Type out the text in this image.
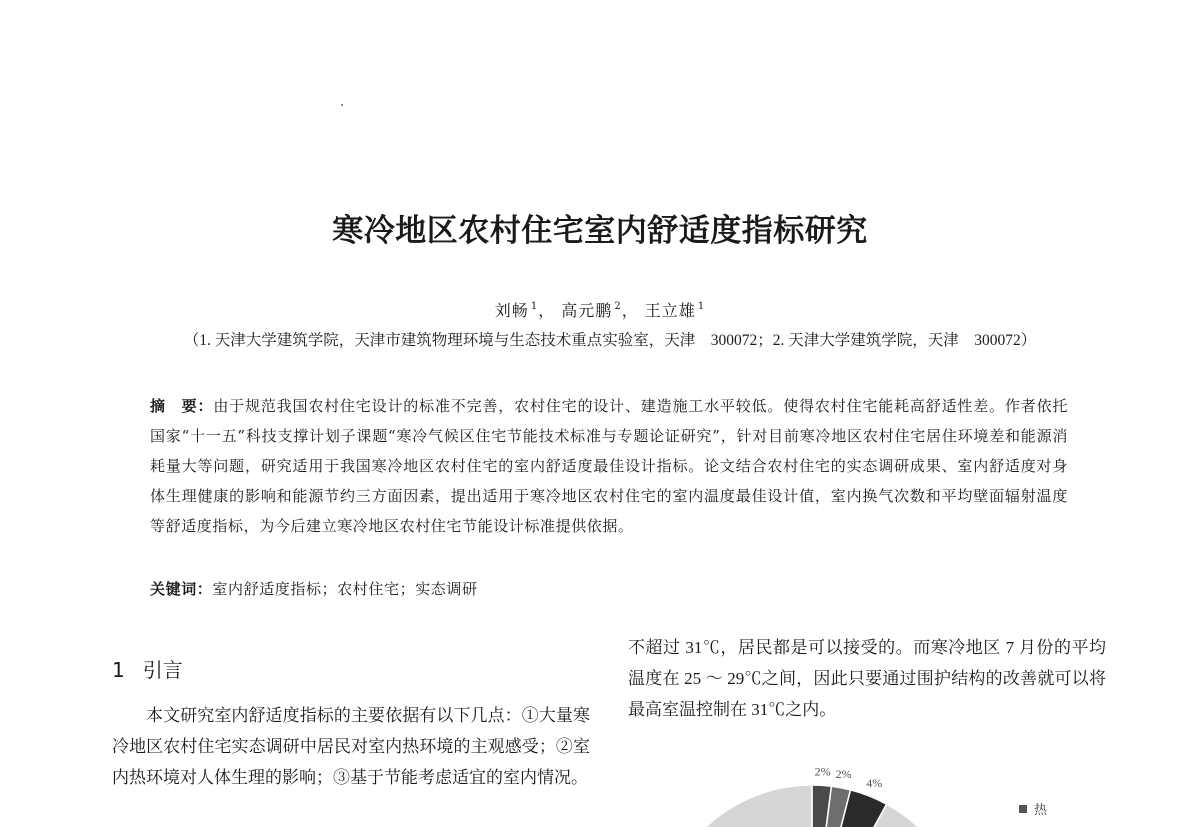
寒冷地区农村住宅室内舒适度指标研究
刘畅 $^1$， 高元鹏 $^2$， 王立雄 $^1$
（1. 天津大学建筑学院，天津市建筑物理环境与生态技术重点实验室，天津　300072；2. 天津大学建筑学院，天津　300072）
摘　要：由于规范我国农村住宅设计的标准不完善，农村住宅的设计、建造施工水平较低。使得农村住宅能耗高舒适性差。作者依托国家“十一五”科技支撑计划子课题“寒冷气候区住宅节能技术标准与专题论证研究”，针对目前寒冷地区农村住宅居住环境差和能源消耗量大等问题，研究适用于我国寒冷地区农村住宅的室内舒适度最佳设计指标。论文结合农村住宅的实态调研成果、室内舒适度对身体生理健康的影响和能源节约三方面因素，提出适用于寒冷地区农村住宅的室内温度最佳设计值，室内换气次数和平均壁面辐射温度等舒适度指标，为今后建立寒冷地区农村住宅节能设计标准提供依据。
关键词：室内舒适度指标；农村住宅；实态调研
1 引言
本文研究室内舒适度指标的主要依据有以下几点：①大量寒冷地区农村住宅实态调研中居民对室内热环境的主观感受；②室内热环境对人体生理的影响；③基于节能考虑适宜的室内情况。
不超过 31℃，居民都是可以接受的。而寒冷地区 7 月份的平均温度在 25 ～ 29℃之间，因此只要通过围护结构的改善就可以将最高室温控制在 31℃之内。
2% 2%
4%
热
